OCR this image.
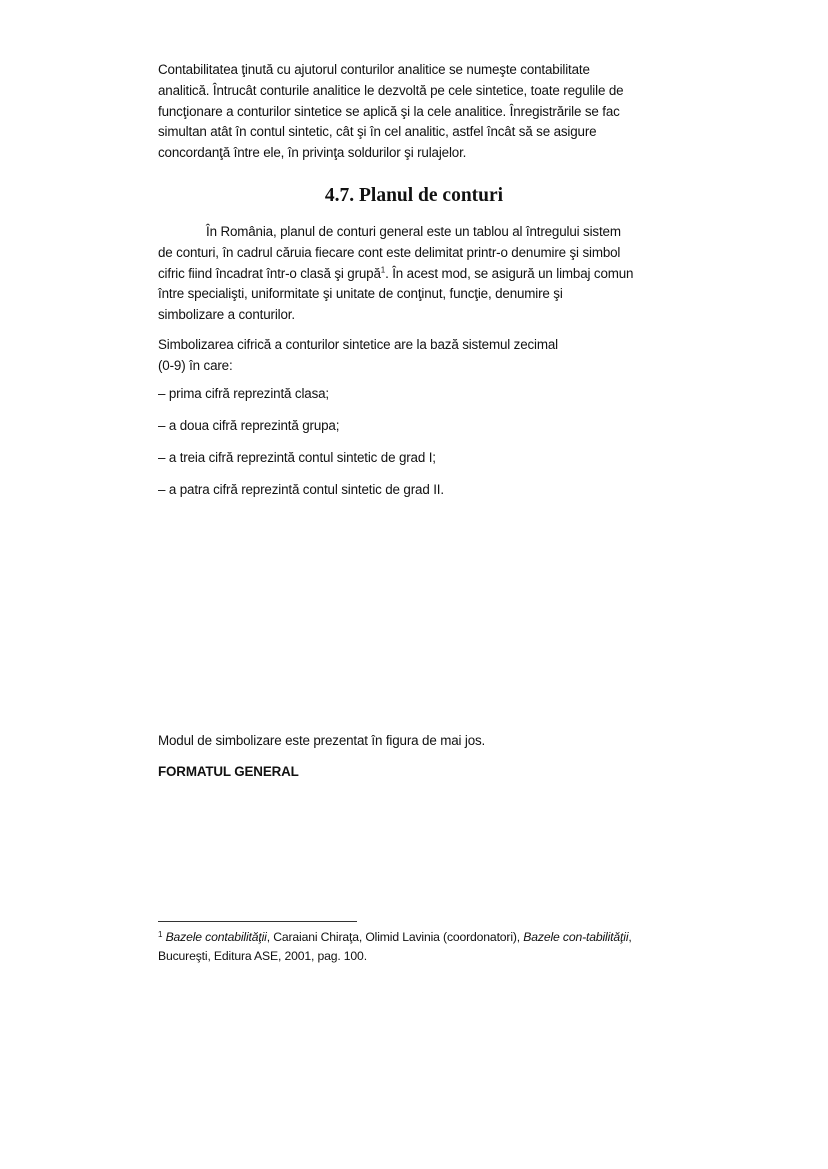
Contabilitatea ţinută cu ajutorul conturilor analitice se numeşte contabilitate
analitică. Întrucât conturile analitice le dezvoltă pe cele sintetice, toate regulile de
funcţionare a conturilor sintetice se aplică şi la cele analitice. Înregistrările se fac
simultan atât în contul sintetic, cât şi în cel analitic, astfel încât să se asigure
concordanţă între ele, în privinţa soldurilor şi rulajelor.

4.7. Planul de conturi

În România, planul de conturi general este un tablou al întregului sistem
de conturi, în cadrul căruia fiecare cont este delimitat printr-o denumire şi simbol
cifric fiind încadrat într-o clasă şi grupă$^1$. În acest mod, se asigură un limbaj comun
între specialişti, uniformitate şi unitate de conţinut, funcţie, denumire şi
simbolizare a conturilor.

Simbolizarea cifrică a conturilor sintetice are la bază sistemul zecimal
(0-9) în care:

– prima cifră reprezintă clasa;
– a doua cifră reprezintă grupa;
– a treia cifră reprezintă contul sintetic de grad I;
– a patra cifră reprezintă contul sintetic de grad II.

Modul de simbolizare este prezentat în figura de mai jos.

FORMATUL GENERAL

$^1$ Bazele contabilităţii, Caraiani Chiraţa, Olimid Lavinia (coordonatori), Bazele con-tabilităţii,
Bucureşti, Editura ASE, 2001, pag. 100.
